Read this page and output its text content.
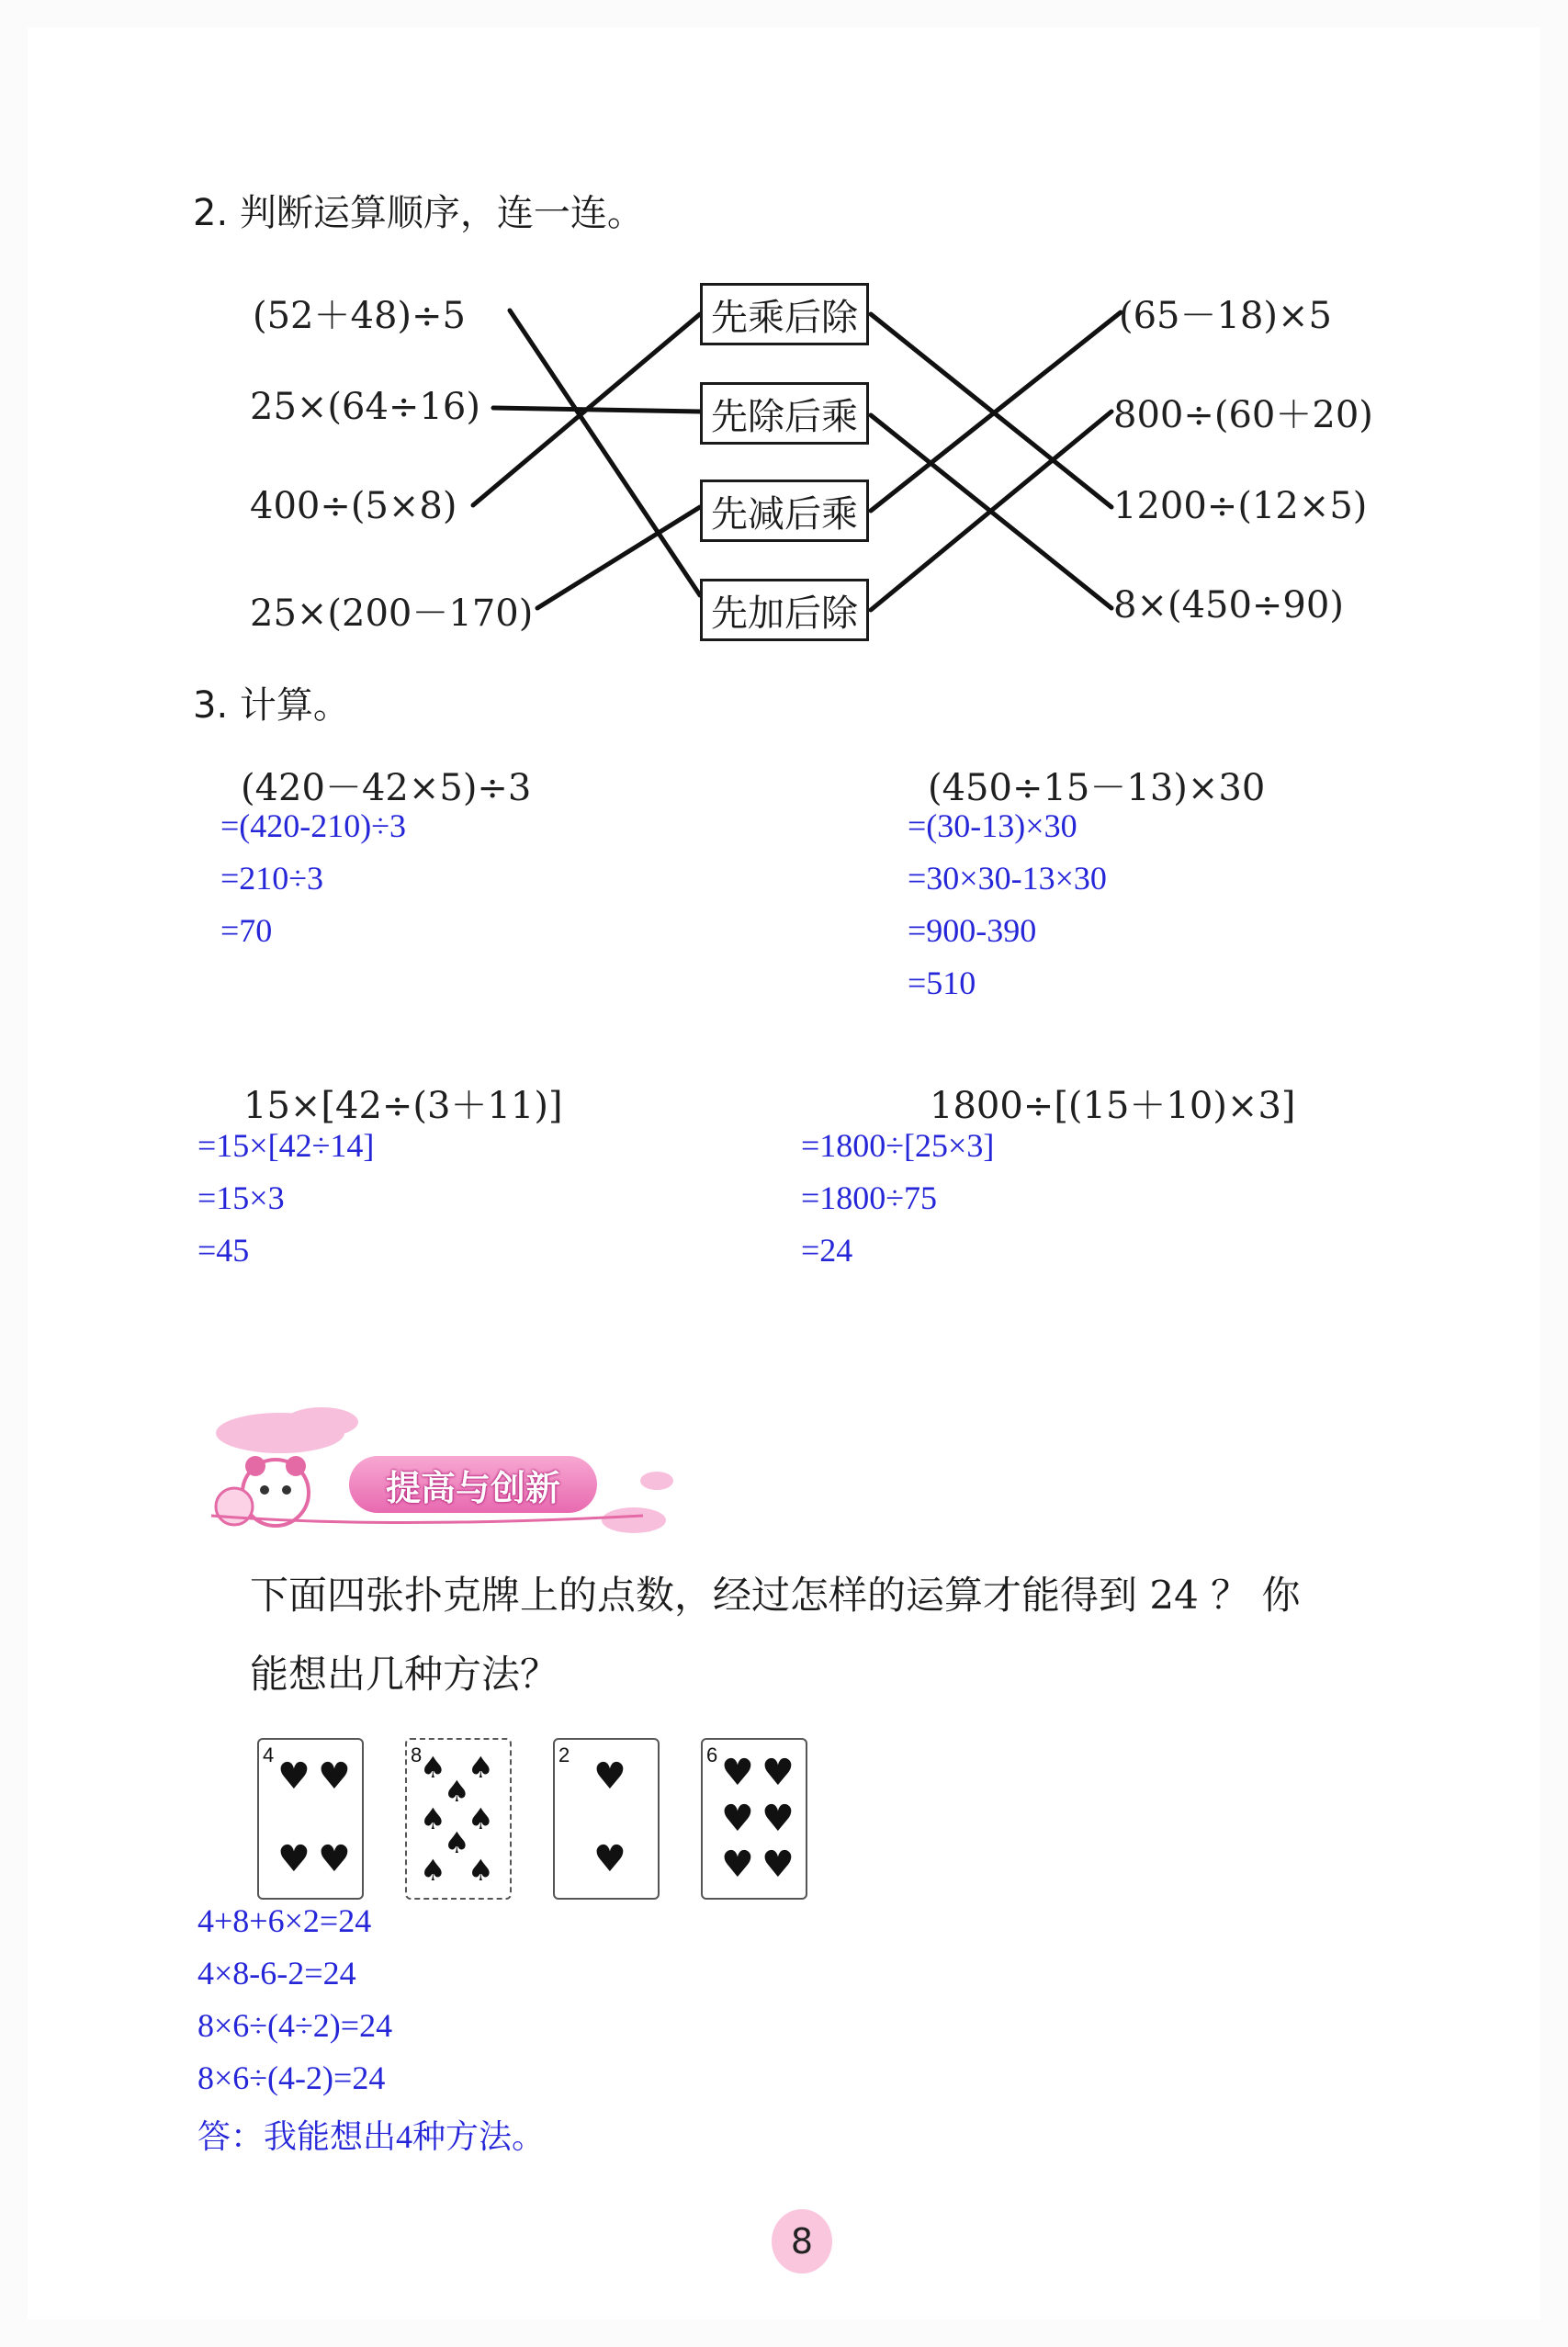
2. 判断运算顺序，连一连。
(52＋48)÷5
25×(64÷16)
400÷(5×8)
25×(200－170)
先乘后除
先除后乘
先减后乘
先加后除
(65－18)×5
800÷(60＋20)
1200÷(12×5)
8×(450÷90)
3. 计算。
(420－42×5)÷3
=(420-210)÷3
=210÷3
=70
(450÷15－13)×30
=(30-13)×30
=30×30-13×30
=900-390
=510
15×[42÷(3＋11)]
=15×[42÷14]
=15×3
=45
1800÷[(15＋10)×3]
=1800÷[25×3]
=1800÷75
=24
提高与创新
下面四张扑克牌上的点数，经过怎样的运算才能得到 24 ？ 你
能想出几种方法？
4
♥ ♥
♥ ♥
8
♠ ♠
♠
♠ ♠
♠
♠ ♠
2
♥
♥
6 ♥ ♥
♥ ♥
♥ ♥
4+8+6×2=24
4×8-6-2=24
8×6÷(4÷2)=24
8×6÷(4-2)=24
答：我能想出4种方法。
8
